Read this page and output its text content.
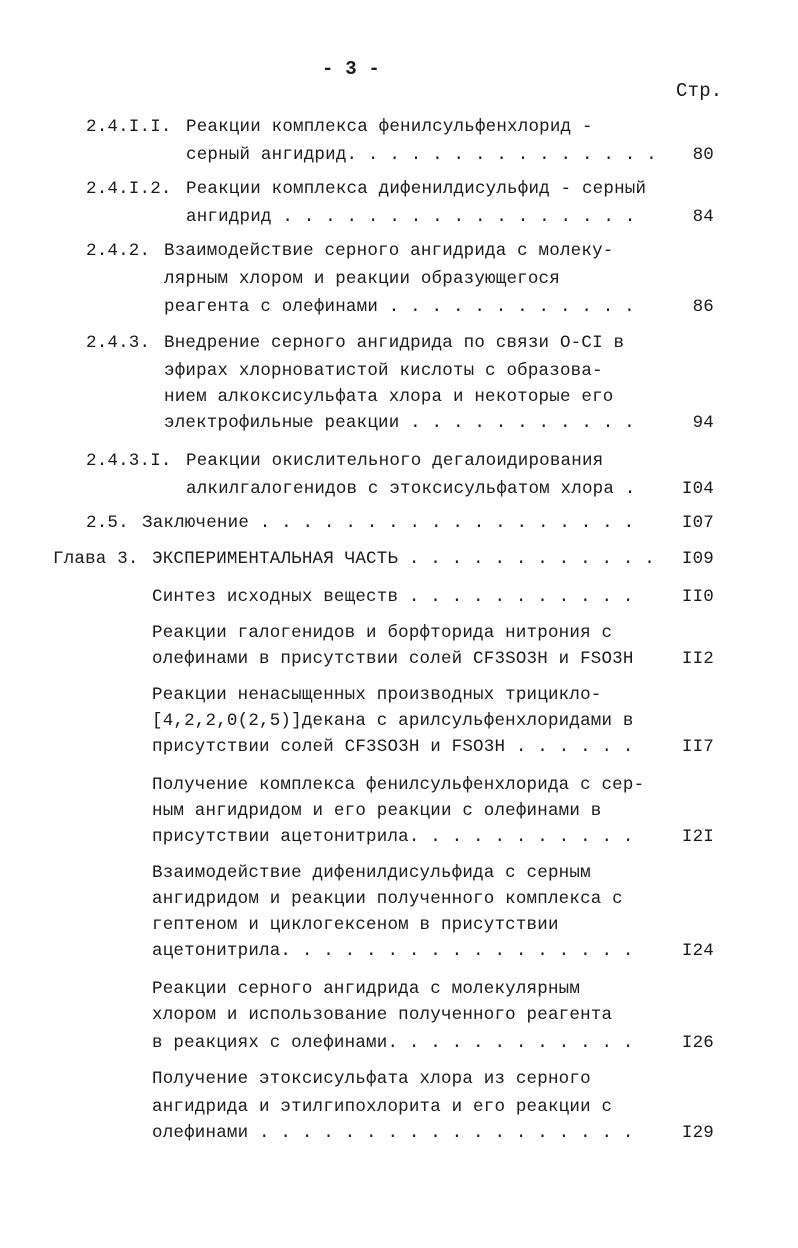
- 3 -
Стр.
2.4.I.I. Реакции комплекса фенилсульфенхлорид -
серный ангидрид. . . . . . . . . . . . . . .	80
2.4.I.2. Реакции комплекса дифенилдисульфид - серный
ангидрид . . . . . . . . . . . . . . . . .	84
2.4.2. Взаимодействие серного ангидрида с молеку-
лярным хлором и реакции образующегося
реагента с олефинами . . . . . . . . . . . .	86
2.4.3. Внедрение серного ангидрида по связи О-CI в
эфирах хлорноватистой кислоты с образова-
нием алкоксисульфата хлора и некоторые его
электрофильные реакции . . . . . . . . . . .	94
2.4.3.I. Реакции окислительного дегалоидирования
алкилгалогенидов с этоксисульфатом хлора .	I04
2.5. Заключение . . . . . . . . . . . . . . . . . .	I07
Глава 3. ЭКСПЕРИМЕНТАЛЬНАЯ ЧАСТЬ . . . . . . . . . . . .	I09
Синтез исходных веществ . . . . . . . . . . .	II0
Реакции галогенидов и борфторида нитрония с
олефинами в присутствии солей CF3SO3H и FSO3H	II2
Реакции ненасыщенных производных трицикло-
[4,2,2,0(2,5)]декана с арилсульфенхлоридами в
присутствии солей CF3SO3H и FSO3H . . . . . .	II7
Получение комплекса фенилсульфенхлорида с сер-
ным ангидридом и его реакции с олефинами в
присутствии ацетонитрила. . . . . . . . . . .	I2I
Взаимодействие дифенилдисульфида с серным
ангидридом и реакции полученного комплекса с
гептеном и циклогексеном в присутствии
ацетонитрила. . . . . . . . . . . . . . . . .	I24
Реакции серного ангидрида с молекулярным
хлором и использование полученного реагента
в реакциях с олефинами. . . . . . . . . . . .	I26
Получение этоксисульфата хлора из серного
ангидрида и этилгипохлорита и его реакции с
олефинами . . . . . . . . . . . . . . . . . .	I29
